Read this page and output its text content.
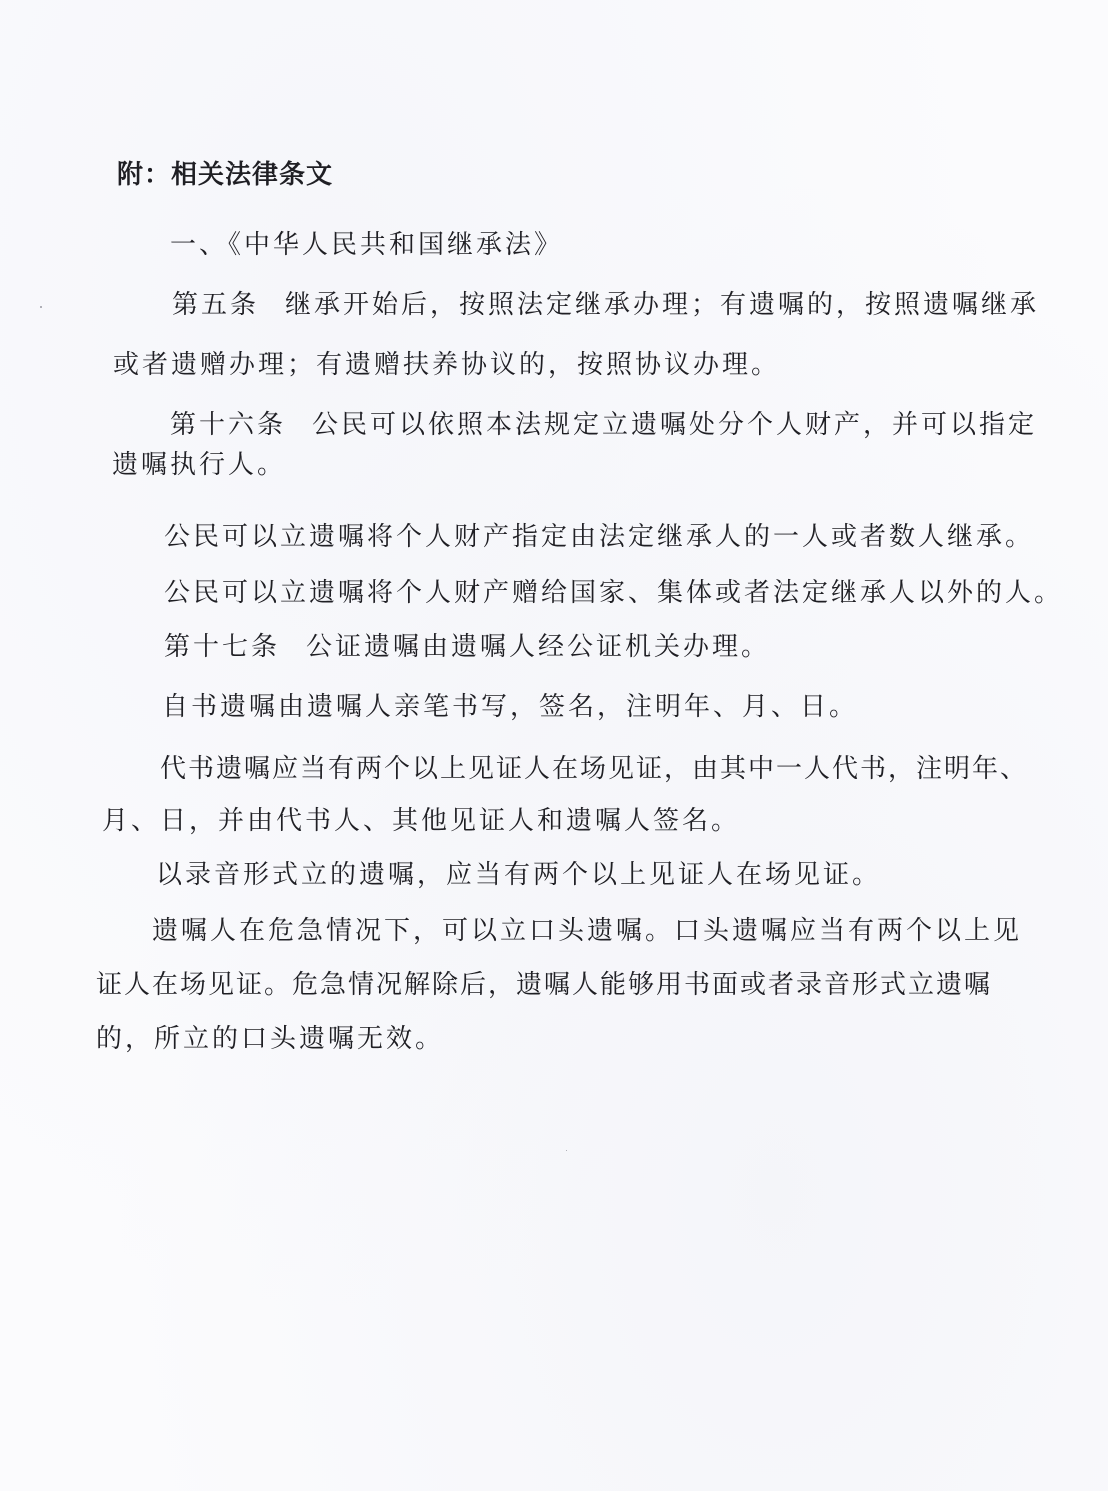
附：相关法律条文
一、《中华人民共和国继承法》
第五条 继承开始后，按照法定继承办理；有遗嘱的，按照遗嘱继承
或者遗赠办理；有遗赠扶养协议的，按照协议办理。
第十六条 公民可以依照本法规定立遗嘱处分个人财产，并可以指定
遗嘱执行人。
公民可以立遗嘱将个人财产指定由法定继承人的一人或者数人继承。
公民可以立遗嘱将个人财产赠给国家、集体或者法定继承人以外的人。
第十七条 公证遗嘱由遗嘱人经公证机关办理。
自书遗嘱由遗嘱人亲笔书写，签名，注明年、月、日。
代书遗嘱应当有两个以上见证人在场见证，由其中一人代书，注明年、
月、日，并由代书人、其他见证人和遗嘱人签名。
以录音形式立的遗嘱，应当有两个以上见证人在场见证。
遗嘱人在危急情况下，可以立口头遗嘱。口头遗嘱应当有两个以上见
证人在场见证。危急情况解除后，遗嘱人能够用书面或者录音形式立遗嘱
的，所立的口头遗嘱无效。
